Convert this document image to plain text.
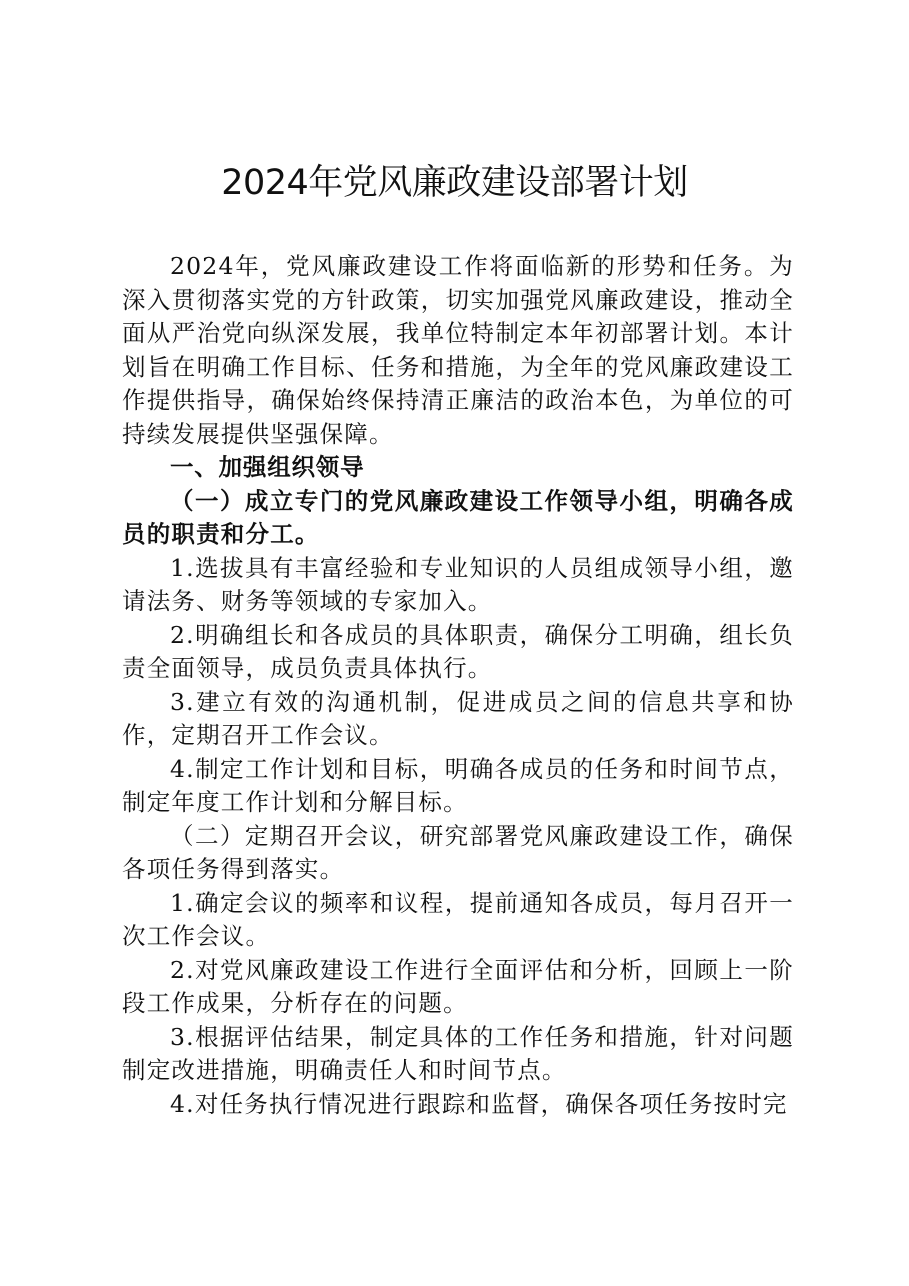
2024年党风廉政建设部署计划

2024年，党风廉政建设工作将面临新的形势和任务。为深入贯彻落实党的方针政策，切实加强党风廉政建设，推动全面从严治党向纵深发展，我单位特制定本年初部署计划。本计划旨在明确工作目标、任务和措施，为全年的党风廉政建设工作提供指导，确保始终保持清正廉洁的政治本色，为单位的可持续发展提供坚强保障。

一、加强组织领导

（一）成立专门的党风廉政建设工作领导小组，明确各成员的职责和分工。

1.选拔具有丰富经验和专业知识的人员组成领导小组，邀请法务、财务等领域的专家加入。

2.明确组长和各成员的具体职责，确保分工明确，组长负责全面领导，成员负责具体执行。

3.建立有效的沟通机制，促进成员之间的信息共享和协作，定期召开工作会议。

4.制定工作计划和目标，明确各成员的任务和时间节点，制定年度工作计划和分解目标。

（二）定期召开会议，研究部署党风廉政建设工作，确保各项任务得到落实。

1.确定会议的频率和议程，提前通知各成员，每月召开一次工作会议。

2.对党风廉政建设工作进行全面评估和分析，回顾上一阶段工作成果，分析存在的问题。

3.根据评估结果，制定具体的工作任务和措施，针对问题制定改进措施，明确责任人和时间节点。

4.对任务执行情况进行跟踪和监督，确保各项任务按时完
